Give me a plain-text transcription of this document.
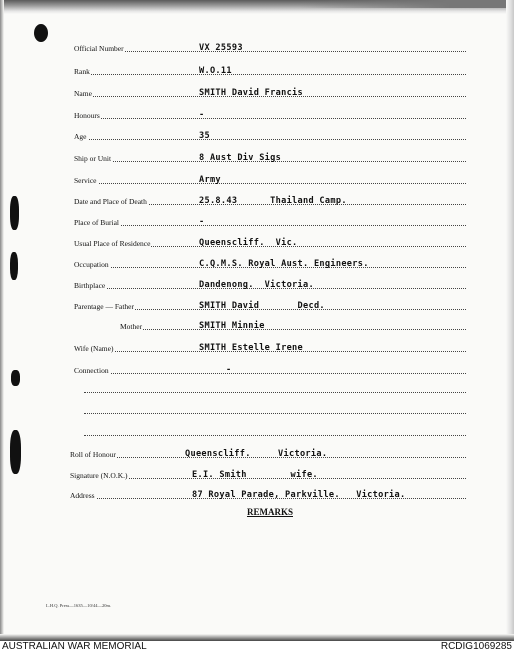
Official Number	VX 25593
Rank	W.O.11
Name	SMITH David Francis
Honours	-
Age	35
Ship or Unit	8 Aust Div Sigs
Service	Army
Date and Place of Death	25.8.43      Thailand Camp.
Place of Burial	-
Usual Place of Residence	Queenscliff.  Vic.
Occupation	C.Q.M.S. Royal Aust. Engineers.
Birthplace	Dandenong.  Victoria.
Parentage — Father	SMITH David       Decd.
Mother	SMITH Minnie
Wife (Name)	SMITH Estelle Irene
Connection	-
Roll of Honour	Queenscliff.     Victoria.
Signature (N.O.K.)	E.I. Smith        wife.
Address	87 Royal Parade, Parkville.   Victoria.
REMARKS
L.H.Q. Press—1635—10/44—20m.
AUSTRALIAN WAR MEMORIAL	RCDIG1069285
